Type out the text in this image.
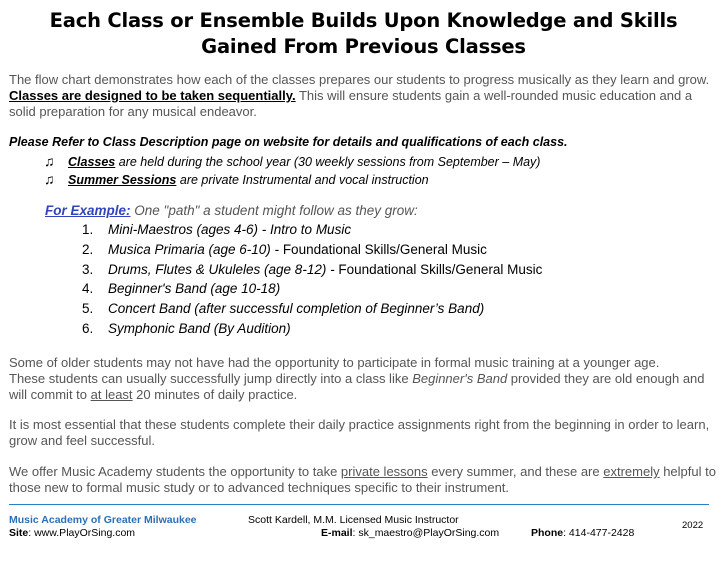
Each Class or Ensemble Builds Upon Knowledge and Skills
Gained From Previous Classes
The flow chart demonstrates how each of the classes prepares our students to progress musically as they learn and grow. Classes are designed to be taken sequentially. This will ensure students gain a well-rounded music education and a solid preparation for any musical endeavor.
Please Refer to Class Description page on website for details and qualifications of each class.
♫ Classes are held during the school year (30 weekly sessions from September – May)
♫ Summer Sessions are private Instrumental and vocal instruction
For Example: One "path" a student might follow as they grow:
1. Mini-Maestros (ages 4-6) - Intro to Music
2. Musica Primaria (age 6-10) - Foundational Skills/General Music
3. Drums, Flutes & Ukuleles (age 8-12) - Foundational Skills/General Music
4. Beginner's Band (age 10-18)
5. Concert Band (after successful completion of Beginner’s Band)
6. Symphonic Band (By Audition)
Some of older students may not have had the opportunity to participate in formal music training at a younger age.
These students can usually successfully jump directly into a class like Beginner's Band provided they are old enough and will commit to at least 20 minutes of daily practice.
It is most essential that these students complete their daily practice assignments right from the beginning in order to learn, grow and feel successful.
We offer Music Academy students the opportunity to take private lessons every summer, and these are extremely helpful to those new to formal music study or to advanced techniques specific to their instrument.
Music Academy of Greater Milwaukee	Scott Kardell, M.M. Licensed Music Instructor	2022
Site: www.PlayOrSing.com	E-mail: sk_maestro@PlayOrSing.com	Phone: 414-477-2428
